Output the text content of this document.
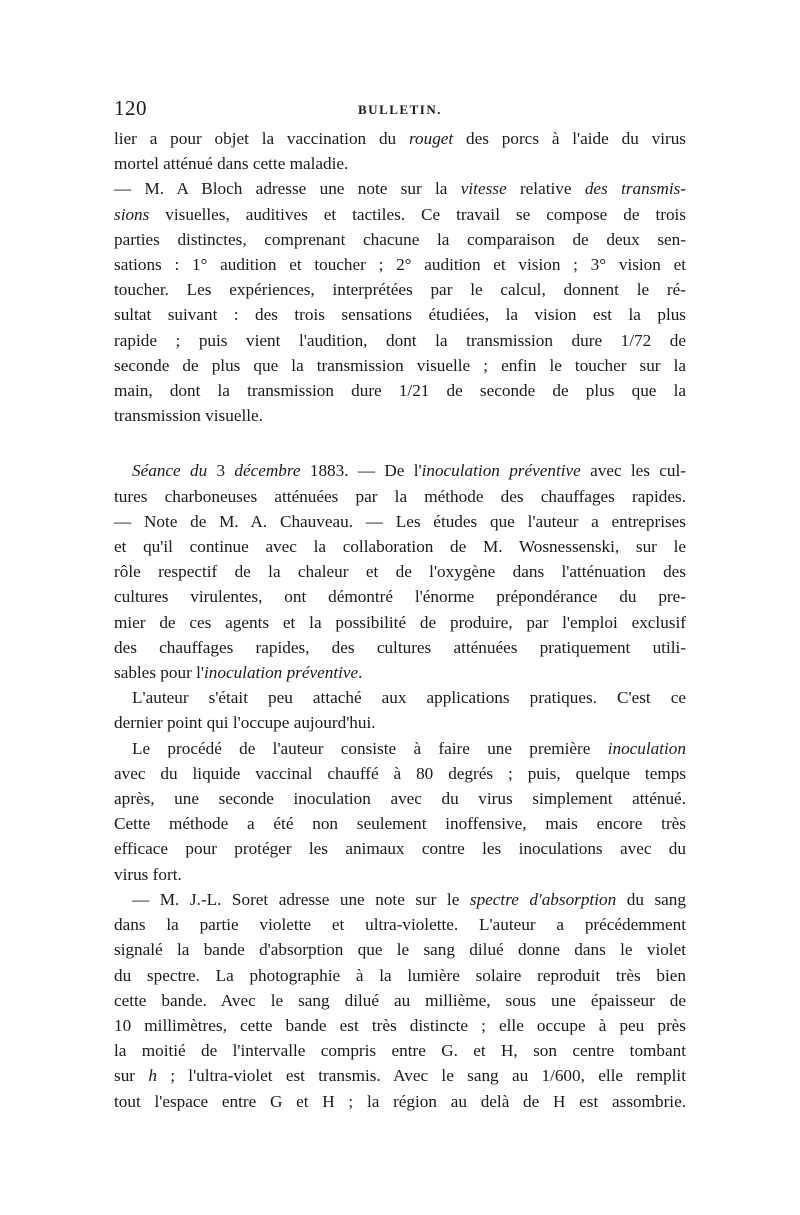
120	BULLETIN.

lier a pour objet la vaccination du rouget des porcs à l'aide du virus
mortel atténué dans cette maladie.

— M. A Bloch adresse une note sur la vitesse relative des transmis-
sions visuelles, auditives et tactiles. Ce travail se compose de trois
parties distinctes, comprenant chacune la comparaison de deux sen-
sations : 1° audition et toucher ; 2° audition et vision ; 3° vision et
toucher. Les expériences, interprétées par le calcul, donnent le ré-
sultat suivant : des trois sensations étudiées, la vision est la plus
rapide ; puis vient l'audition, dont la transmission dure 1/72 de
seconde de plus que la transmission visuelle ; enfin le toucher sur la
main, dont la transmission dure 1/21 de seconde de plus que la
transmission visuelle.

Séance du 3 décembre 1883. — De l'inoculation préventive avec les cul-
tures charboneuses atténuées par la méthode des chauffages rapides.
— Note de M. A. Chauveau. — Les études que l'auteur a entreprises
et qu'il continue avec la collaboration de M. Wosnessenski, sur le
rôle respectif de la chaleur et de l'oxygène dans l'atténuation des
cultures virulentes, ont démontré l'énorme prépondérance du pre-
mier de ces agents et la possibilité de produire, par l'emploi exclusif
des chauffages rapides, des cultures atténuées pratiquement utili-
sables pour l'inoculation préventive.

L'auteur s'était peu attaché aux applications pratiques. C'est ce
dernier point qui l'occupe aujourd'hui.

Le procédé de l'auteur consiste à faire une première inoculation
avec du liquide vaccinal chauffé à 80 degrés ; puis, quelque temps
après, une seconde inoculation avec du virus simplement atténué.
Cette méthode a été non seulement inoffensive, mais encore très
efficace pour protéger les animaux contre les inoculations avec du
virus fort.

— M. J.-L. Soret adresse une note sur le spectre d'absorption du sang
dans la partie violette et ultra-violette. L'auteur a précédemment
signalé la bande d'absorption que le sang dilué donne dans le violet
du spectre. La photographie à la lumière solaire reproduit très bien
cette bande. Avec le sang dilué au millième, sous une épaisseur de
10 millimètres, cette bande est très distincte ; elle occupe à peu près
la moitié de l'intervalle compris entre G. et H, son centre tombant
sur h ; l'ultra-violet est transmis. Avec le sang au 1/600, elle remplit
tout l'espace entre G et H ; la région au delà de H est assombrie.
